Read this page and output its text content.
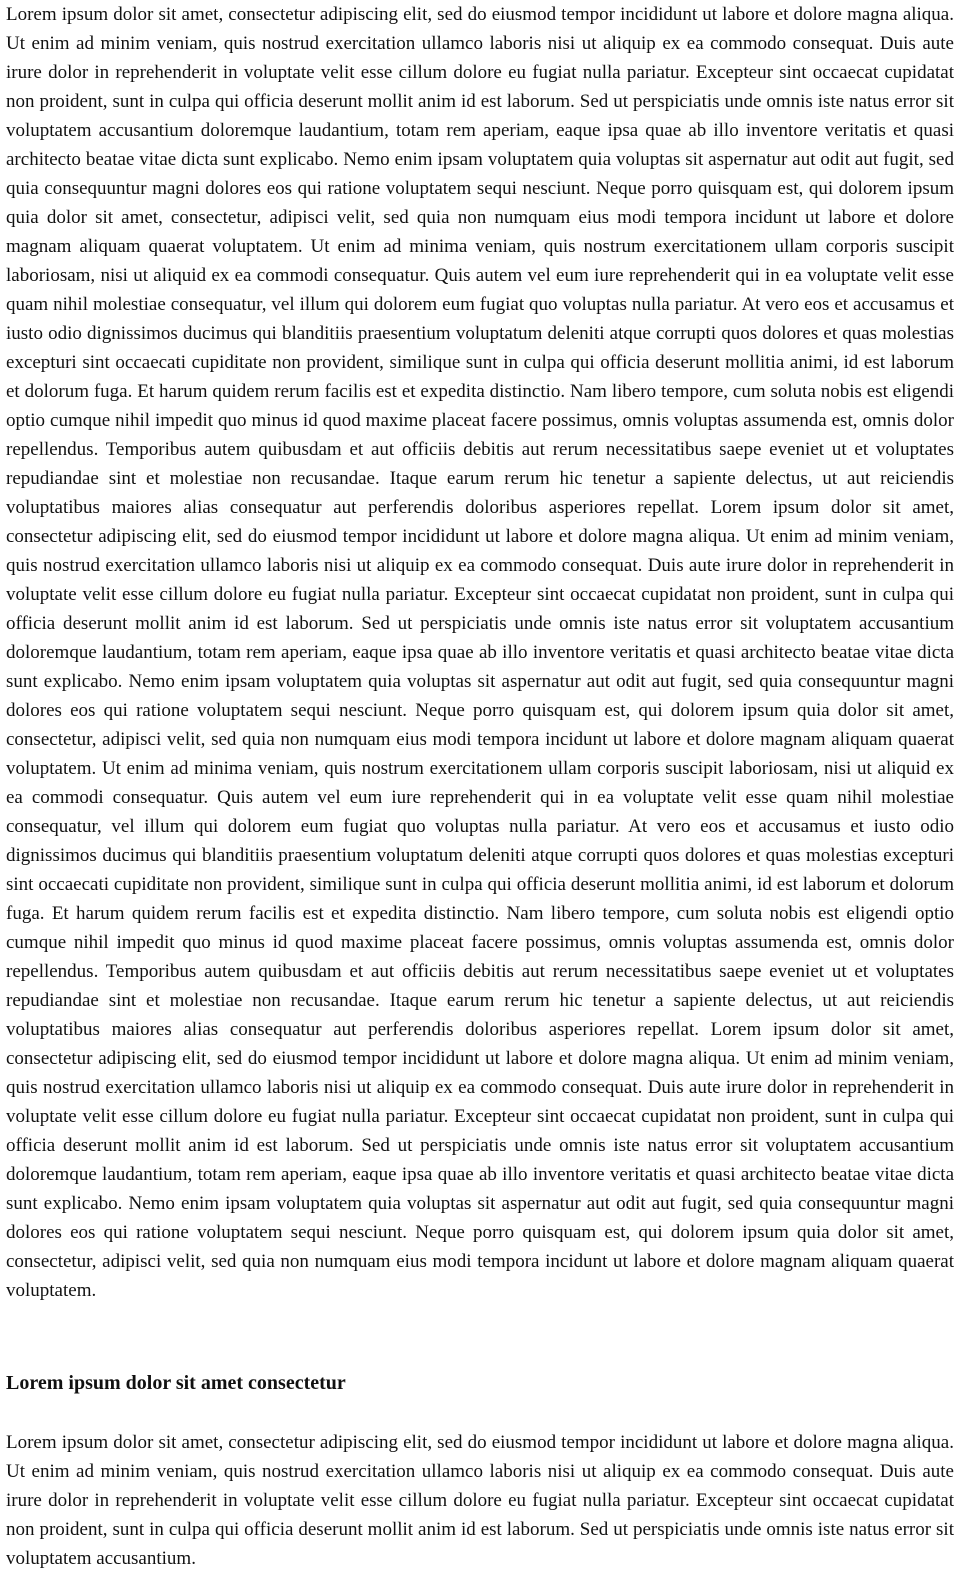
Lorem ipsum dolor sit amet, consectetur adipiscing elit, sed do eiusmod tempor incididunt ut labore et dolore magna aliqua. Ut enim ad minim veniam, quis nostrud exercitation ullamco laboris nisi ut aliquip ex ea commodo consequat. Duis aute irure dolor in reprehenderit in voluptate velit esse cillum dolore eu fugiat nulla pariatur. Excepteur sint occaecat cupidatat non proident, sunt in culpa qui officia deserunt mollit anim id est laborum. Sed ut perspiciatis unde omnis iste natus error sit voluptatem accusantium doloremque laudantium, totam rem aperiam, eaque ipsa quae ab illo inventore veritatis et quasi architecto beatae vitae dicta sunt explicabo. Nemo enim ipsam voluptatem quia voluptas sit aspernatur aut odit aut fugit, sed quia consequuntur magni dolores eos qui ratione voluptatem sequi nesciunt. Neque porro quisquam est, qui dolorem ipsum quia dolor sit amet, consectetur, adipisci velit, sed quia non numquam eius modi tempora incidunt ut labore et dolore magnam aliquam quaerat voluptatem. Ut enim ad minima veniam, quis nostrum exercitationem ullam corporis suscipit laboriosam, nisi ut aliquid ex ea commodi consequatur. Quis autem vel eum iure reprehenderit qui in ea voluptate velit esse quam nihil molestiae consequatur, vel illum qui dolorem eum fugiat quo voluptas nulla pariatur. At vero eos et accusamus et iusto odio dignissimos ducimus qui blanditiis praesentium voluptatum deleniti atque corrupti quos dolores et quas molestias excepturi sint occaecati cupiditate non provident, similique sunt in culpa qui officia deserunt mollitia animi, id est laborum et dolorum fuga. Et harum quidem rerum facilis est et expedita distinctio. Nam libero tempore, cum soluta nobis est eligendi optio cumque nihil impedit quo minus id quod maxime placeat facere possimus, omnis voluptas assumenda est, omnis dolor repellendus. Temporibus autem quibusdam et aut officiis debitis aut rerum necessitatibus saepe eveniet ut et voluptates repudiandae sint et molestiae non recusandae. Itaque earum rerum hic tenetur a sapiente delectus, ut aut reiciendis voluptatibus maiores alias consequatur aut perferendis doloribus asperiores repellat. Lorem ipsum dolor sit amet, consectetur adipiscing elit, sed do eiusmod tempor incididunt ut labore et dolore magna aliqua. Ut enim ad minim veniam, quis nostrud exercitation ullamco laboris nisi ut aliquip ex ea commodo consequat. Duis aute irure dolor in reprehenderit in voluptate velit esse cillum dolore eu fugiat nulla pariatur. Excepteur sint occaecat cupidatat non proident, sunt in culpa qui officia deserunt mollit anim id est laborum. Sed ut perspiciatis unde omnis iste natus error sit voluptatem accusantium doloremque laudantium, totam rem aperiam, eaque ipsa quae ab illo inventore veritatis et quasi architecto beatae vitae dicta sunt explicabo. Nemo enim ipsam voluptatem quia voluptas sit aspernatur aut odit aut fugit, sed quia consequuntur magni dolores eos qui ratione voluptatem sequi nesciunt. Neque porro quisquam est, qui dolorem ipsum quia dolor sit amet, consectetur, adipisci velit, sed quia non numquam eius modi tempora incidunt ut labore et dolore magnam aliquam quaerat voluptatem. Ut enim ad minima veniam, quis nostrum exercitationem ullam corporis suscipit laboriosam, nisi ut aliquid ex ea commodi consequatur. Quis autem vel eum iure reprehenderit qui in ea voluptate velit esse quam nihil molestiae consequatur, vel illum qui dolorem eum fugiat quo voluptas nulla pariatur. At vero eos et accusamus et iusto odio dignissimos ducimus qui blanditiis praesentium voluptatum deleniti atque corrupti quos dolores et quas molestias excepturi sint occaecati cupiditate non provident, similique sunt in culpa qui officia deserunt mollitia animi, id est laborum et dolorum fuga. Et harum quidem rerum facilis est et expedita distinctio. Nam libero tempore, cum soluta nobis est eligendi optio cumque nihil impedit quo minus id quod maxime placeat facere possimus, omnis voluptas assumenda est, omnis dolor repellendus. Temporibus autem quibusdam et aut officiis debitis aut rerum necessitatibus saepe eveniet ut et voluptates repudiandae sint et molestiae non recusandae. Itaque earum rerum hic tenetur a sapiente delectus, ut aut reiciendis voluptatibus maiores alias consequatur aut perferendis doloribus asperiores repellat. Lorem ipsum dolor sit amet, consectetur adipiscing elit, sed do eiusmod tempor incididunt ut labore et dolore magna aliqua. Ut enim ad minim veniam, quis nostrud exercitation ullamco laboris nisi ut aliquip ex ea commodo consequat. Duis aute irure dolor in reprehenderit in voluptate velit esse cillum dolore eu fugiat nulla pariatur. Excepteur sint occaecat cupidatat non proident, sunt in culpa qui officia deserunt mollit anim id est laborum. Sed ut perspiciatis unde omnis iste natus error sit voluptatem accusantium doloremque laudantium, totam rem aperiam, eaque ipsa quae ab illo inventore veritatis et quasi architecto beatae vitae dicta sunt explicabo. Nemo enim ipsam voluptatem quia voluptas sit aspernatur aut odit aut fugit, sed quia consequuntur magni dolores eos qui ratione voluptatem sequi nesciunt. Neque porro quisquam est, qui dolorem ipsum quia dolor sit amet, consectetur, adipisci velit, sed quia non numquam eius modi tempora incidunt ut labore et dolore magnam aliquam quaerat voluptatem.

Lorem ipsum dolor sit amet consectetur

Lorem ipsum dolor sit amet, consectetur adipiscing elit, sed do eiusmod tempor incididunt ut labore et dolore magna aliqua. Ut enim ad minim veniam, quis nostrud exercitation ullamco laboris nisi ut aliquip ex ea commodo consequat. Duis aute irure dolor in reprehenderit in voluptate velit esse cillum dolore eu fugiat nulla pariatur. Excepteur sint occaecat cupidatat non proident, sunt in culpa qui officia deserunt mollit anim id est laborum. Sed ut perspiciatis unde omnis iste natus error sit voluptatem accusantium.
